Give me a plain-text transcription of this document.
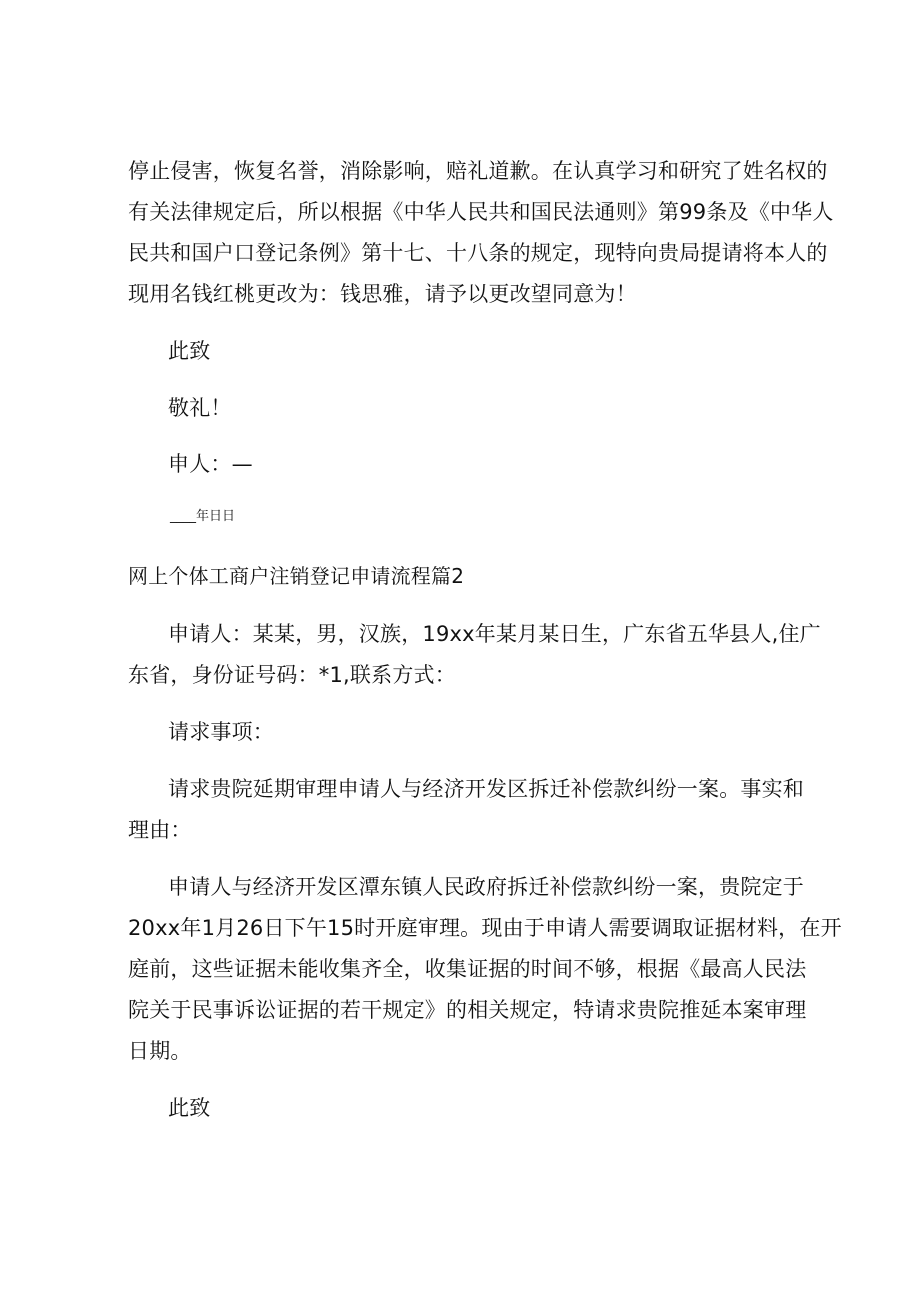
停止侵害，恢复名誉，消除影响，赔礼道歉。在认真学习和研究了姓名权的
有关法律规定后，所以根据《中华人民共和国民法通则》第99条及《中华人
民共和国户口登记条例》第十七、十八条的规定，现特向贵局提请将本人的
现用名钱红桃更改为：钱思雅，请予以更改望同意为！
此致
敬礼！
申人：—
____年日日
网上个体工商户注销登记申请流程篇2
申请人：某某，男，汉族，19xx年某月某日生，广东省五华县人,住广
东省，身份证号码：*1,联系方式：
请求事项：
请求贵院延期审理申请人与经济开发区拆迁补偿款纠纷一案。事实和
理由：
申请人与经济开发区潭东镇人民政府拆迁补偿款纠纷一案，贵院定于
20xx年1月26日下午15时开庭审理。现由于申请人需要调取证据材料，在开
庭前，这些证据未能收集齐全，收集证据的时间不够，根据《最高人民法
院关于民事诉讼证据的若干规定》的相关规定，特请求贵院推延本案审理
日期。
此致
